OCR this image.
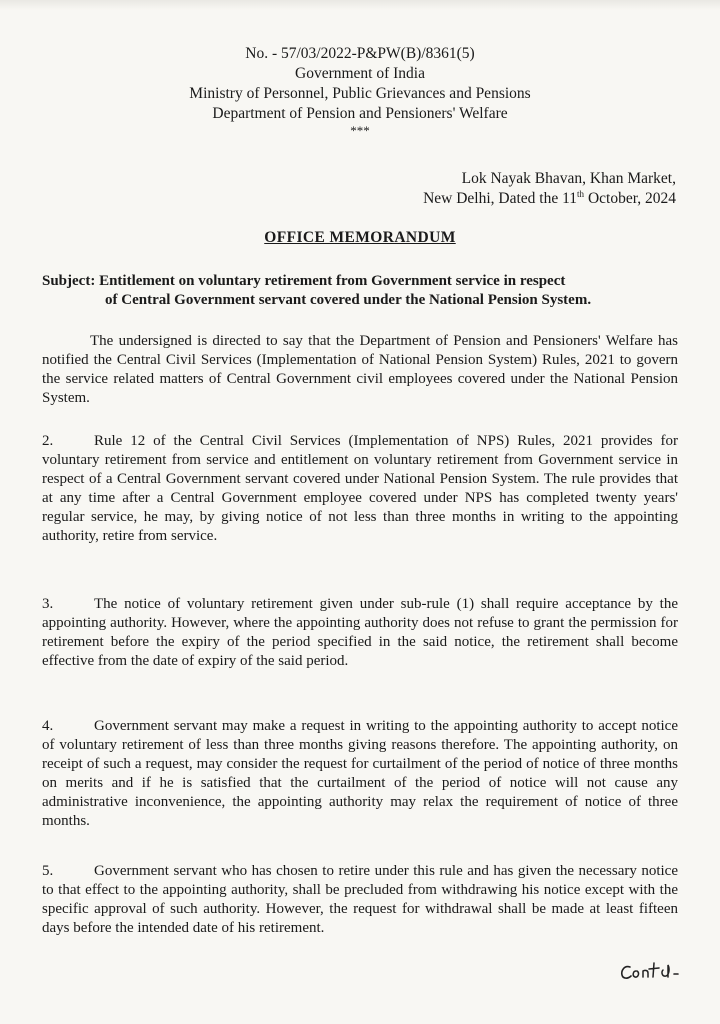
No. - 57/03/2022-P&PW(B)/8361(5)
Government of India
Ministry of Personnel, Public Grievances and Pensions
Department of Pension and Pensioners' Welfare
***
Lok Nayak Bhavan, Khan Market,
New Delhi, Dated the 11th October, 2024
OFFICE MEMORANDUM
Subject: Entitlement on voluntary retirement from Government service in respect
of Central Government servant covered under the National Pension System.
The undersigned is directed to say that the Department of Pension and Pensioners' Welfare has notified the Central Civil Services (Implementation of National Pension System) Rules, 2021 to govern the service related matters of Central Government civil employees covered under the National Pension System.
2.	Rule 12 of the Central Civil Services (Implementation of NPS) Rules, 2021 provides for voluntary retirement from service and entitlement on voluntary retirement from Government service in respect of a Central Government servant covered under National Pension System. The rule provides that at any time after a Central Government employee covered under NPS has completed twenty years' regular service, he may, by giving notice of not less than three months in writing to the appointing authority, retire from service.
3.	The notice of voluntary retirement given under sub-rule (1) shall require acceptance by the appointing authority. However, where the appointing authority does not refuse to grant the permission for retirement before the expiry of the period specified in the said notice, the retirement shall become effective from the date of expiry of the said period.
4.	Government servant may make a request in writing to the appointing authority to accept notice of voluntary retirement of less than three months giving reasons therefore. The appointing authority, on receipt of such a request, may consider the request for curtailment of the period of notice of three months on merits and if he is satisfied that the curtailment of the period of notice will not cause any administrative inconvenience, the appointing authority may relax the requirement of notice of three months.
5.	Government servant who has chosen to retire under this rule and has given the necessary notice to that effect to the appointing authority, shall be precluded from withdrawing his notice except with the specific approval of such authority. However, the request for withdrawal shall be made at least fifteen days before the intended date of his retirement.
